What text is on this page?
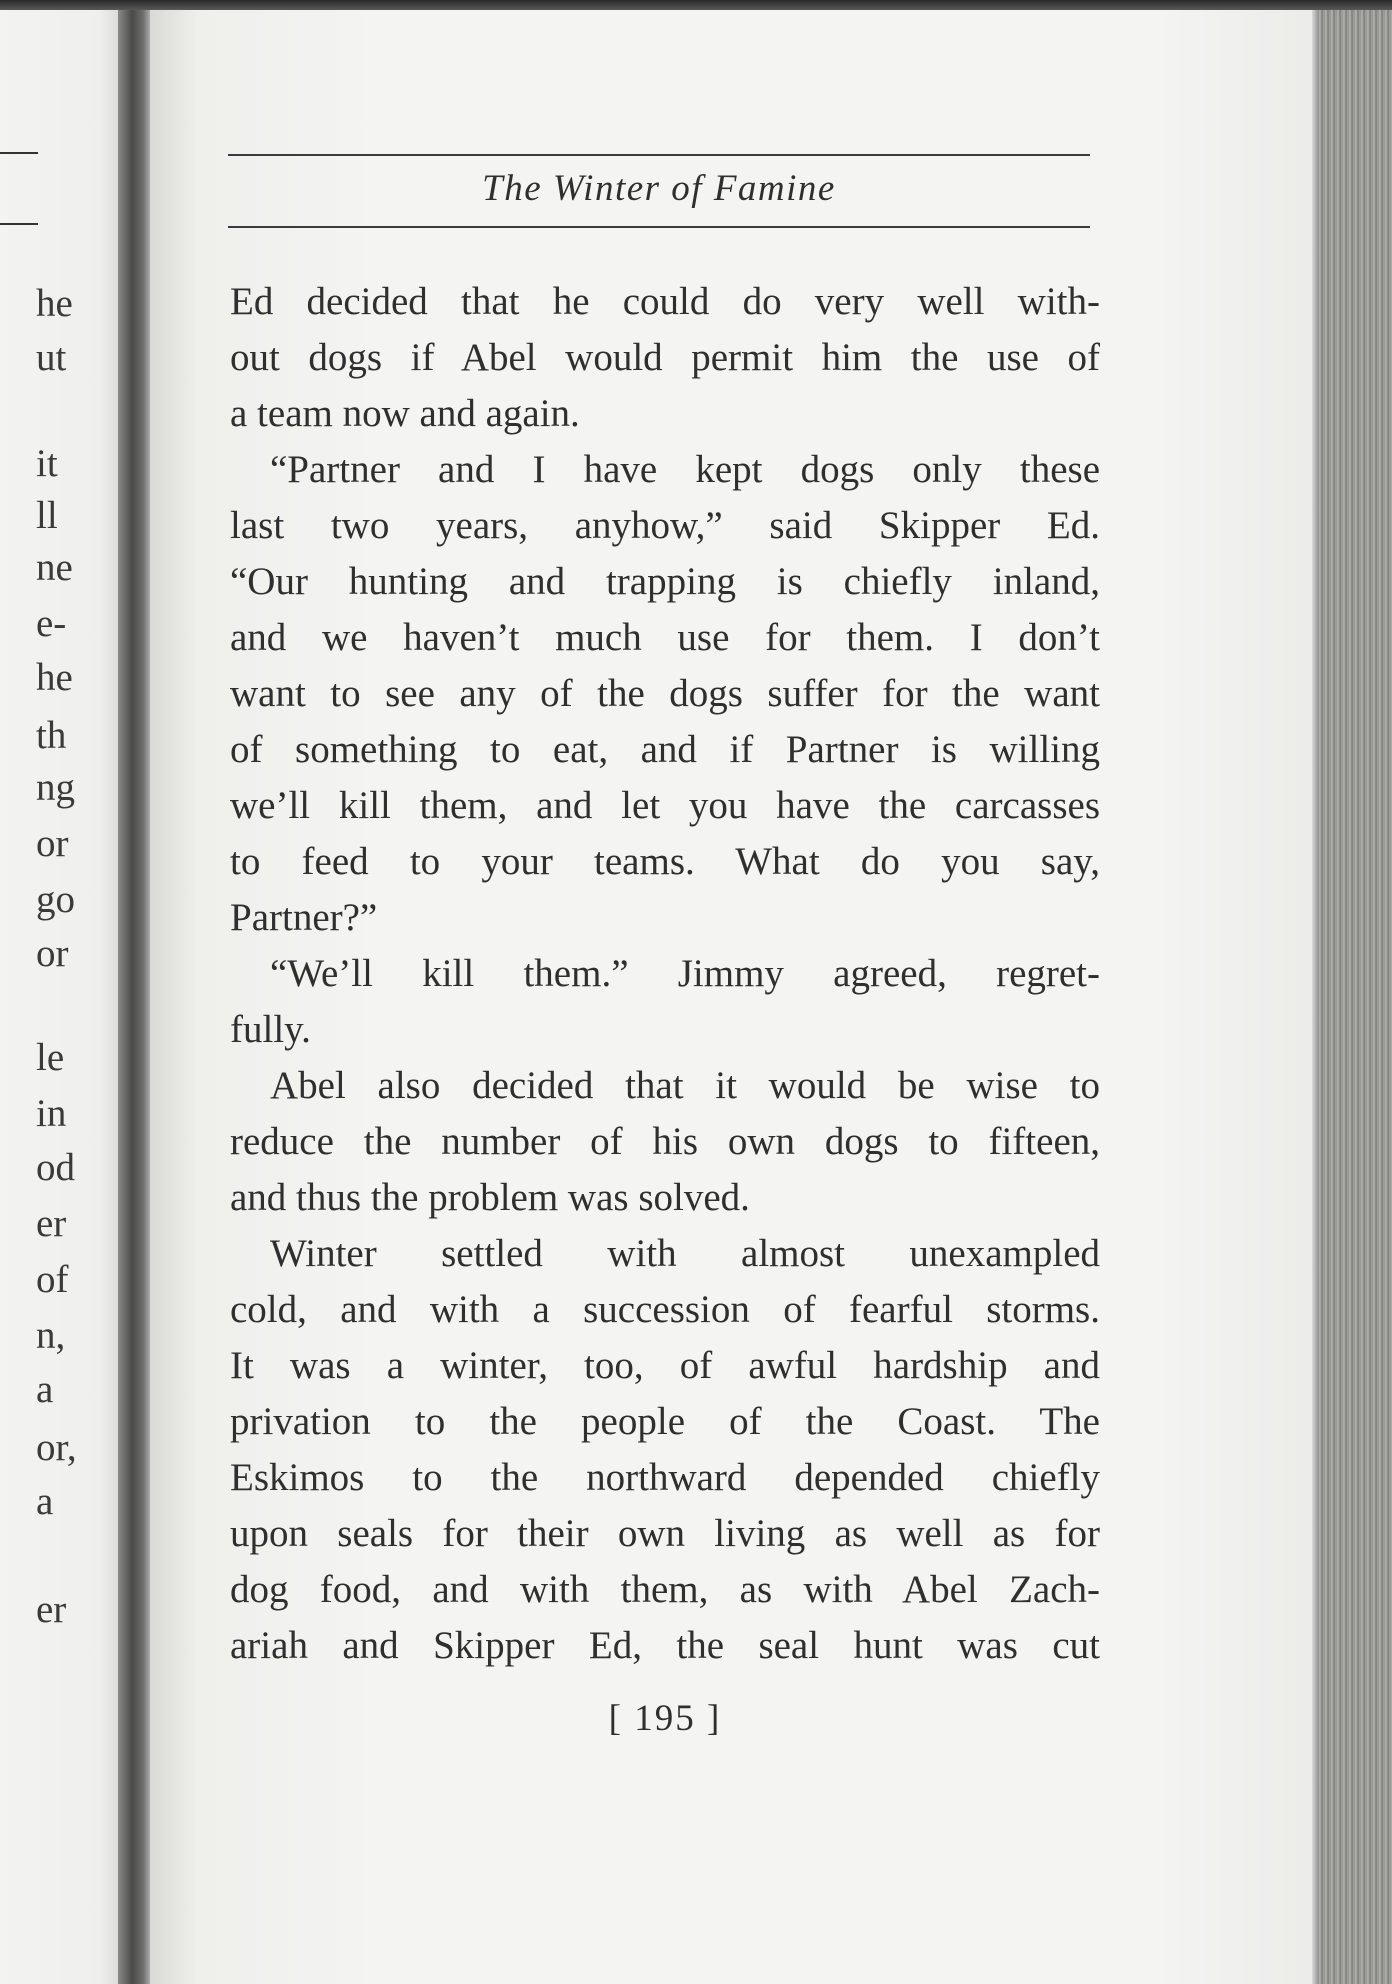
he
ut
it
ll
ne
e-
he
th
ng
or
go
or
le
in
od
er
of
n,
a
or,
a
er
The Winter of Famine
Ed decided that he could do very well with-
out dogs if Abel would permit him the use of
a team now and again.
“Partner and I have kept dogs only these
last two years, anyhow,” said Skipper Ed.
“Our hunting and trapping is chiefly inland,
and we haven’t much use for them. I don’t
want to see any of the dogs suffer for the want
of something to eat, and if Partner is willing
we’ll kill them, and let you have the carcasses
to feed to your teams. What do you say,
Partner?”
“We’ll kill them.” Jimmy agreed, regret-
fully.
Abel also decided that it would be wise to
reduce the number of his own dogs to fifteen,
and thus the problem was solved.
Winter settled with almost unexampled
cold, and with a succession of fearful storms.
It was a winter, too, of awful hardship and
privation to the people of the Coast. The
Eskimos to the northward depended chiefly
upon seals for their own living as well as for
dog food, and with them, as with Abel Zach-
ariah and Skipper Ed, the seal hunt was cut
[ 195 ]
